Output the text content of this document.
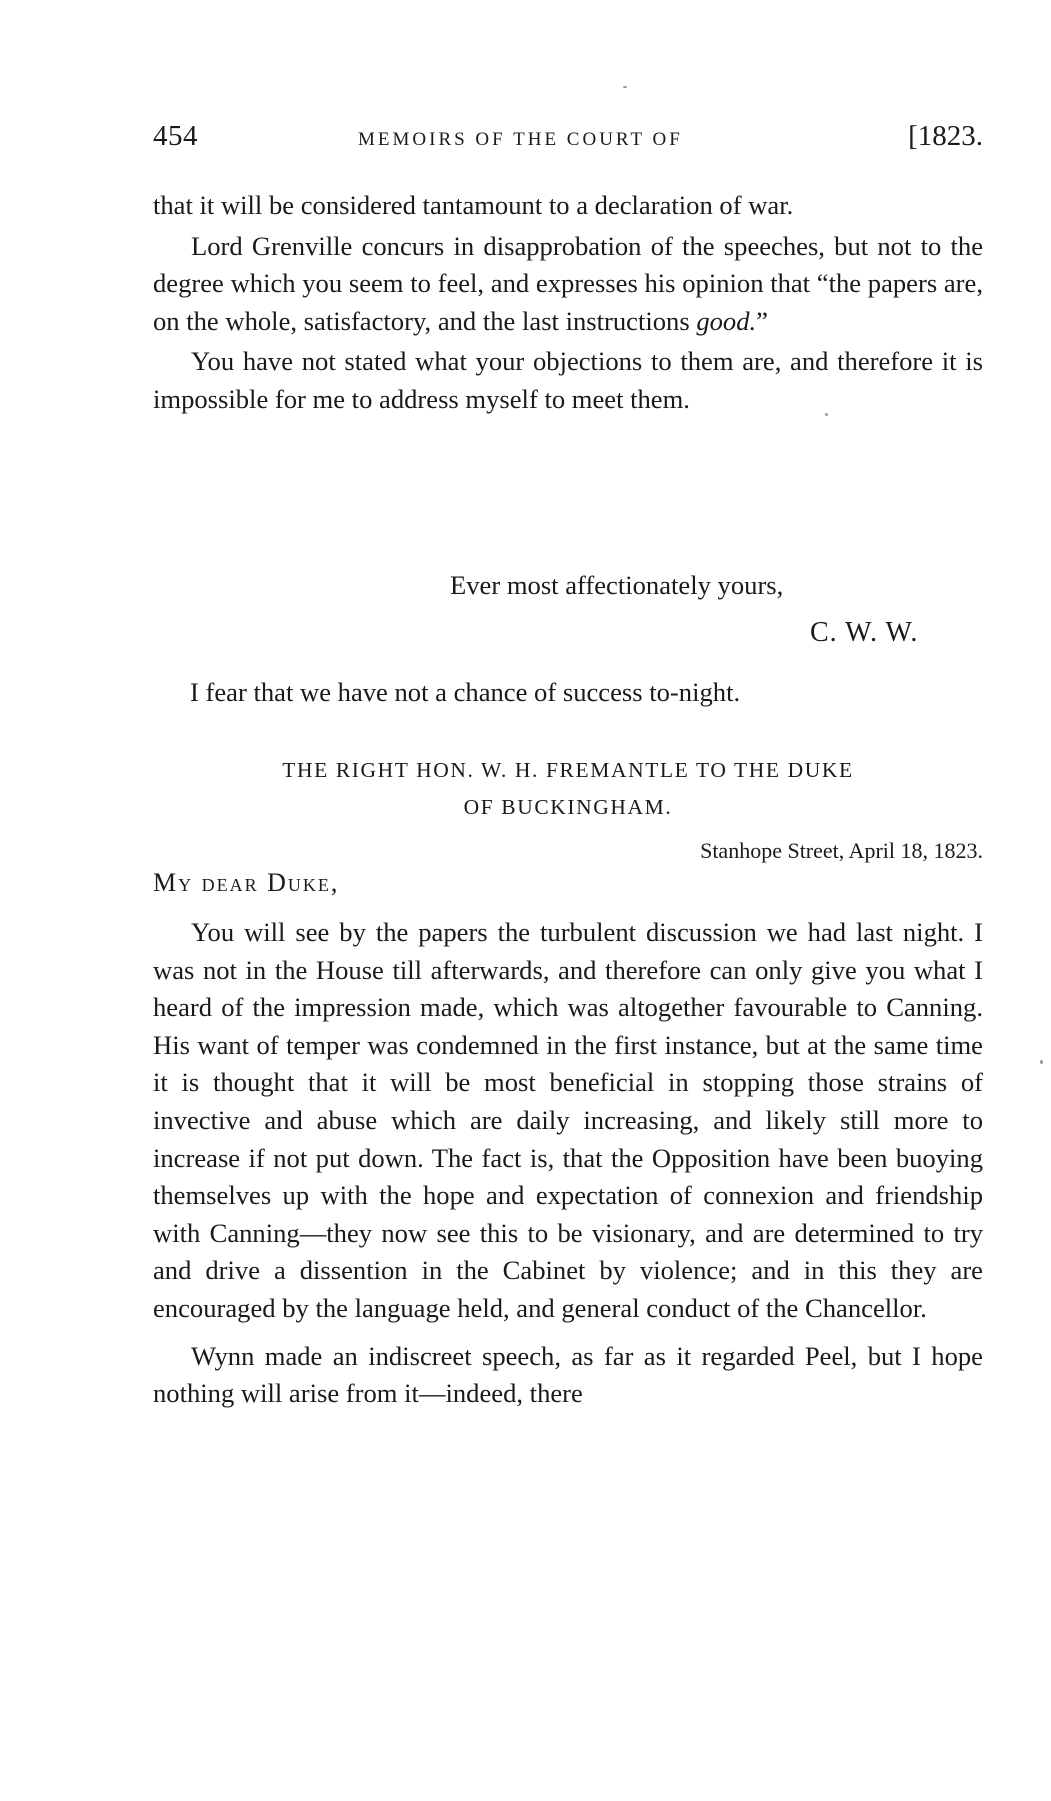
454	MEMOIRS OF THE COURT OF	[1823.

that it will be considered tantamount to a declaration of war.

Lord Grenville concurs in disapprobation of the speeches, but not to the degree which you seem to feel, and expresses his opinion that “the papers are, on the whole, satisfactory, and the last instructions good.”

You have not stated what your objections to them are, and therefore it is impossible for me to address myself to meet them.

Ever most affectionately yours,

C. W. W.

I fear that we have not a chance of success to-night.

THE RIGHT HON. W. H. FREMANTLE TO THE DUKE
OF BUCKINGHAM.

Stanhope Street, April 18, 1823.

My dear Duke,

You will see by the papers the turbulent discussion we had last night. I was not in the House till afterwards, and therefore can only give you what I heard of the impression made, which was altogether favourable to Canning. His want of temper was condemned in the first instance, but at the same time it is thought that it will be most beneficial in stopping those strains of invective and abuse which are daily increasing, and likely still more to increase if not put down. The fact is, that the Opposition have been buoying themselves up with the hope and expectation of connexion and friendship with Canning—they now see this to be visionary, and are determined to try and drive a dissention in the Cabinet by violence; and in this they are encouraged by the language held, and general conduct of the Chancellor.

Wynn made an indiscreet speech, as far as it regarded Peel, but I hope nothing will arise from it—indeed, there
